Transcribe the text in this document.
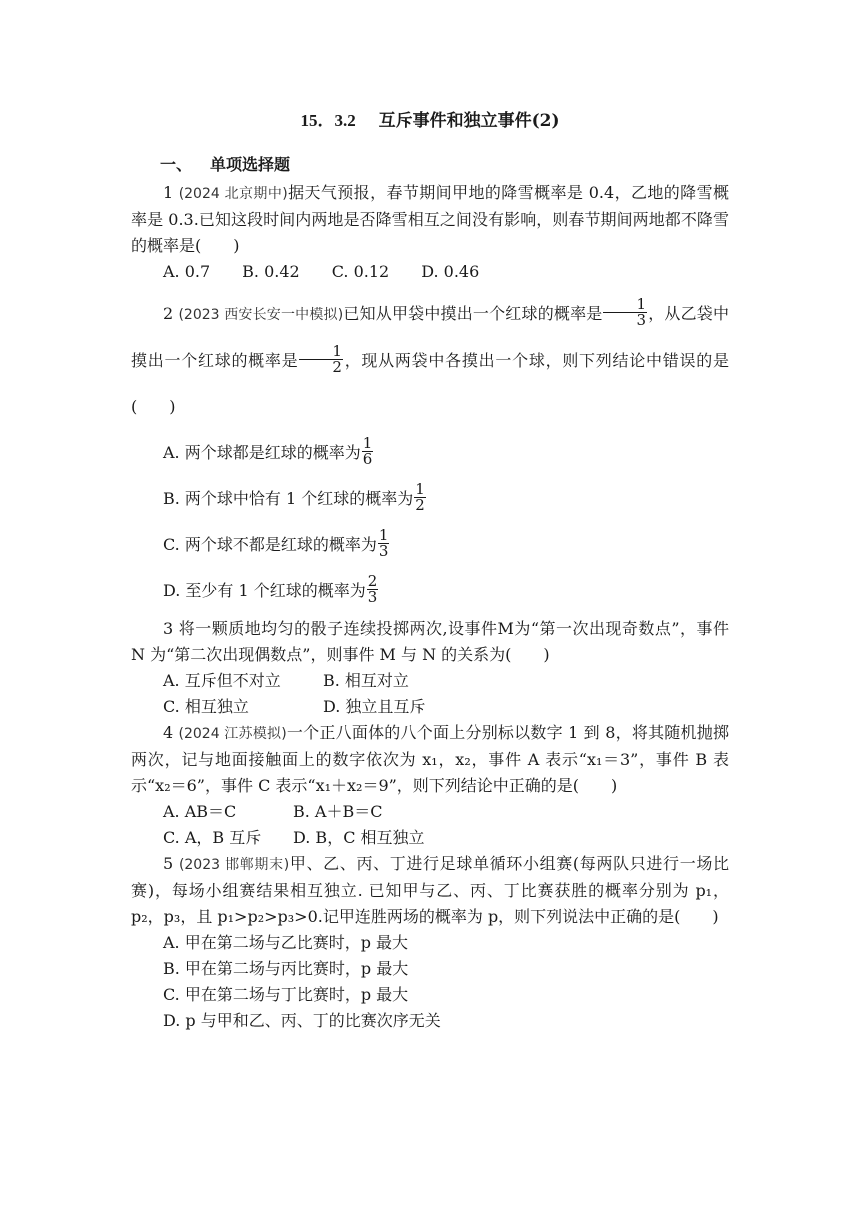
15．3.2　 互斥事件和独立事件(2)
一、 单项选择题

1 (2024 北京期中)据天气预报，春节期间甲地的降雪概率是 0.4，乙地的降雪概率是 0.3.已知这段时间内两地是否降雪相互之间没有影响，则春节期间两地都不降雪的概率是(　　)

A. 0.7 B. 0.42 C. 0.12 D. 0.46

2 (2023 西安长安一中模拟)已知从甲袋中摸出一个红球的概率是 $\frac{1}{3}$ ，从乙袋中摸出一个红球的概率是 $\frac{1}{2}$ ，现从两袋中各摸出一个球，则下列结论中错误的是(　　)

A. 两个球都是红球的概率为 $\frac{1}{6}$
B. 两个球中恰有 1 个红球的概率为 $\frac{1}{2}$
C. 两个球不都是红球的概率为 $\frac{1}{3}$
D. 至少有 1 个红球的概率为 $\frac{2}{3}$

3 将一颗质地均匀的骰子连续投掷两次,设事件M为“第一次出现奇数点”，事件 N 为“第二次出现偶数点”，则事件 M 与 N 的关系为(　　)

A. 互斥但不对立	B. 相互对立
C. 相互独立	D. 独立且互斥

4 (2024 江苏模拟)一个正八面体的八个面上分别标以数字 1 到 8，将其随机抛掷两次，记与地面接触面上的数字依次为 x₁，x₂，事件 A 表示“x₁＝3”，事件 B 表示“x₂＝6”，事件 C 表示“x₁＋x₂＝9”，则下列结论中正确的是(　　)

A. AB＝C	B. A＋B＝C
C. A，B 互斥 D. B，C 相互独立

5 (2023 邯郸期末)甲、乙、丙、丁进行足球单循环小组赛(每两队只进行一场比赛)，每场小组赛结果相互独立. 已知甲与乙、丙、丁比赛获胜的概率分别为 p₁，p₂，p₃，且 p₁>p₂>p₃>0.记甲连胜两场的概率为 p，则下列说法中正确的是(　　)

A. 甲在第二场与乙比赛时，p 最大
B. 甲在第二场与丙比赛时，p 最大
C. 甲在第二场与丁比赛时，p 最大
D. p 与甲和乙、丙、丁的比赛次序无关
